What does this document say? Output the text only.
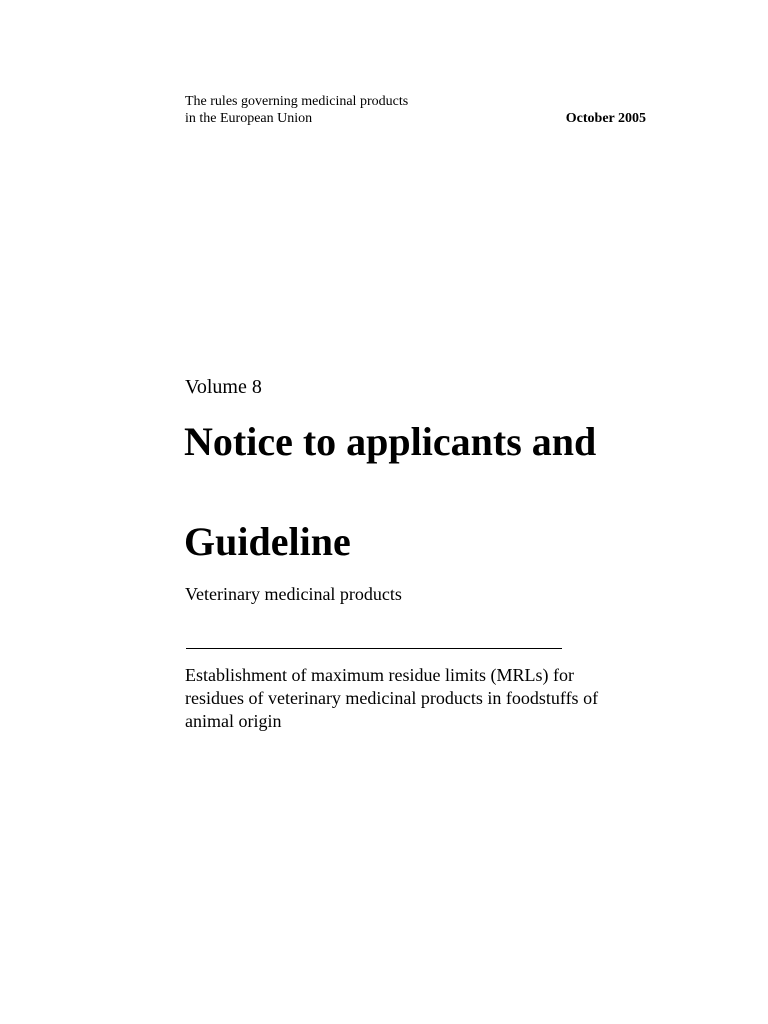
The rules governing medicinal products
in the European Union	October 2005
Volume 8
Notice to applicants and
Guideline
Veterinary medicinal products
Establishment of maximum residue limits (MRLs) for
residues of veterinary medicinal products in foodstuffs of
animal origin
